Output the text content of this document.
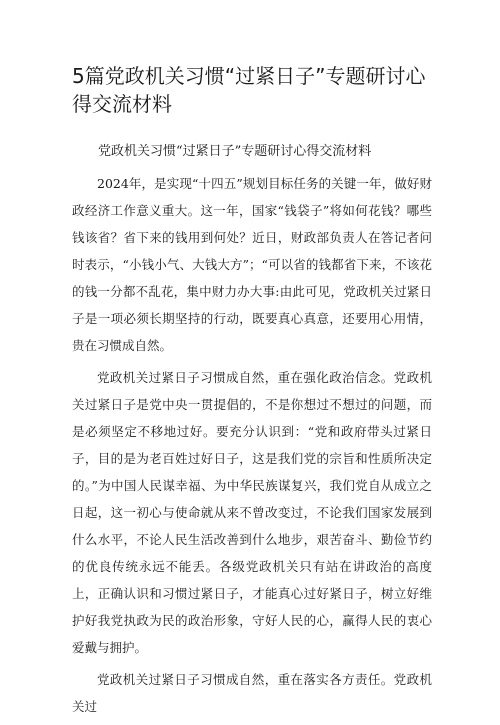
5篇党政机关习惯“过紧日子”专题研讨心得交流材料
党政机关习惯“过紧日子”专题研讨心得交流材料

2024年，是实现“十四五”规划目标任务的关键一年，做好财政经济工作意义重大。这一年，国家“钱袋子”将如何花钱？哪些钱该省？省下来的钱用到何处？近日，财政部负责人在答记者问时表示，“小钱小气、大钱大方”；“可以省的钱都省下来，不该花的钱一分都不乱花，集中财力办大事:由此可见，党政机关过紧日子是一项必须长期坚持的行动，既要真心真意，还要用心用情，贵在习惯成自然。

党政机关过紧日子习惯成自然，重在强化政治信念。党政机关过紧日子是党中央一贯提倡的，不是你想过不想过的问题，而是必须坚定不移地过好。要充分认识到：“党和政府带头过紧日子，目的是为老百姓过好日子，这是我们党的宗旨和性质所决定的。”为中国人民谋幸福、为中华民族谋复兴，我们党自从成立之日起，这一初心与使命就从来不曾改变过，不论我们国家发展到什么水平，不论人民生活改善到什么地步，艰苦奋斗、勤俭节约的优良传统永远不能丢。各级党政机关只有站在讲政治的高度上，正确认识和习惯过紧日子，才能真心过好紧日子，树立好维护好我党执政为民的政治形象，守好人民的心，赢得人民的衷心爱戴与拥护。

党政机关过紧日子习惯成自然，重在落实各方责任。党政机关过
